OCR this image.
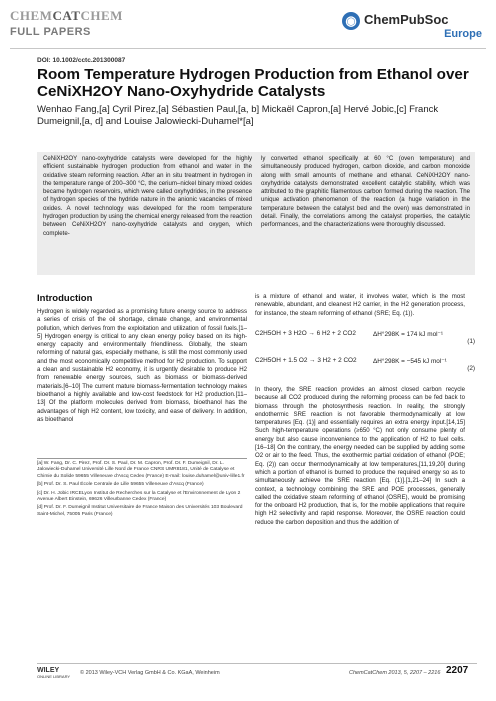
CHEMCATCHEM
FULL PAPERS
◉ ChemPubSoc
Europe
DOI: 10.1002/cctc.201300087
Room Temperature Hydrogen Production from Ethanol over CeNiXH2OY Nano-Oxyhydride Catalysts
Wenhao Fang,[a] Cyril Pirez,[a] Sébastien Paul,[a, b] Mickaël Capron,[a] Hervé Jobic,[c] Franck Dumeignil,[a, d] and Louise Jalowiecki-Duhamel*[a]
CeNiXH2OY nano-oxyhydride catalysts were developed for the highly efficient sustainable hydrogen production from ethanol and water in the oxidative steam reforming reaction. After an in situ treatment in hydrogen in the temperature range of 200–300 °C, the cerium–nickel binary mixed oxides became hydrogen reservoirs, which were called oxyhydrides, in the presence of hydrogen species of the hydride nature in the anionic vacancies of mixed oxides. A novel technology was developed for the room temperature hydrogen production by using the chemical energy released from the reaction between CeNiXH2OY nano-oxyhydride catalysts and oxygen, which complete-
ly converted ethanol specifically at 60 °C (oven temperature) and simultaneously produced hydrogen, carbon dioxide, and carbon monoxide along with small amounts of methane and ethanal. CeNiXH2OY nano-oxyhydride catalysts demonstrated excellent catalytic stability, which was attributed to the graphitic filamentous carbon formed during the reaction. The unique activation phenomenon of the reaction (a huge variation in the temperature between the catalyst bed and the oven) was demonstrated in detail. Finally, the correlations among the catalyst properties, the catalytic performances, and the characterizations were thoroughly discussed.
Introduction
Hydrogen is widely regarded as a promising future energy source to address a series of crisis of the oil shortage, climate change, and environmental pollution, which derives from the exploitation and utilization of fossil fuels.[1–5] Hydrogen energy is critical to any clean energy policy based on its high-energy capacity and environmentally friendliness. Globally, the steam reforming of natural gas, especially methane, is still the most commonly used and the most economically competitive method for H2 production. To support a clean and sustainable H2 economy, it is urgently desirable to produce H2 from renewable energy sources, such as biomass or biomass-derived materials.[6–10] The current mature biomass-fermentation technology makes bioethanol a highly available and low-cost feedstock for H2 production.[11–13] Of the platform molecules derived from biomass, bioethanol has the advantages of high H2 content, low toxicity, and ease of delivery. In addition, as bioethanol
is a mixture of ethanol and water, it involves water, which is the most renewable, abundant, and cleanest H2 carrier, in the H2 generation process, for instance, the steam reforming of ethanol (SRE; Eq. (1)).
C2H5OH + 3 H2O → 6 H2 + 2 CO2	ΔH°298K = 174 kJ mol⁻¹
(1)
C2H5OH + 1.5 O2 → 3 H2 + 2 CO2	ΔH°298K = −545 kJ mol⁻¹
(2)
In theory, the SRE reaction provides an almost closed carbon recycle because all CO2 produced during the reforming process can be fed back to biomass through the photosynthesis reaction. In reality, the strongly endothermic SRE reaction is not favorable thermodynamically at low temperatures [Eq. (1)] and essentially requires an extra energy input.[14,15] Such high-temperature operations (≥650 °C) not only consume plenty of energy but also cause inconvenience to the application of H2 to fuel cells.[16–18] On the contrary, the energy needed can be supplied by adding some O2 or air to the feed. Thus, the exothermic partial oxidation of ethanol (POE; Eq. (2)) can occur thermodynamically at low temperatures,[11,19,20] during which a portion of ethanol is burned to produce the required energy so as to simultaneously achieve the SRE reaction [Eq. (1)].[1,21–24] In such a context, a technology combining the SRE and POE processes, generally called the oxidative steam reforming of ethanol (OSRE), would be promising for the onboard H2 production, that is, for the mobile applications that require high H2 selectivity and rapid response. Moreover, the OSRE reaction could reduce the carbon deposition and thus the addition of
[a] W. Fang, Dr. C. Pirez, Prof. Dr. S. Paul, Dr. M. Capron, Prof. Dr. F. Dumeignil, Dr. L. Jalowiecki-Duhamel Université Lille Nord de France CNRS UMR8181, Unité de Catalyse et Chimie du Solide 59655 Villeneuve d'Ascq Cedex (France) E-mail: louise.duhamel@univ-lille1.fr
[b] Prof. Dr. S. Paul École Centrale de Lille 59655 Villeneuve d'Ascq (France)
[c] Dr. H. Jobic IRCELyon Institut de Recherches sur la Catalyse et l'Environnement de Lyon 2 Avenue Albert Einstein, 69626 Villeurbanne Cedex (France)
[d] Prof. Dr. F. Dumeignil Institut Universitaire de France Maison des Universités 103 Boulevard Saint-Michel, 75005 Paris (France)
WILEY
ONLINE LIBRARY
© 2013 Wiley-VCH Verlag GmbH & Co. KGaA, Weinheim	ChemCatChem 2013, 5, 2207 – 2216 2207
